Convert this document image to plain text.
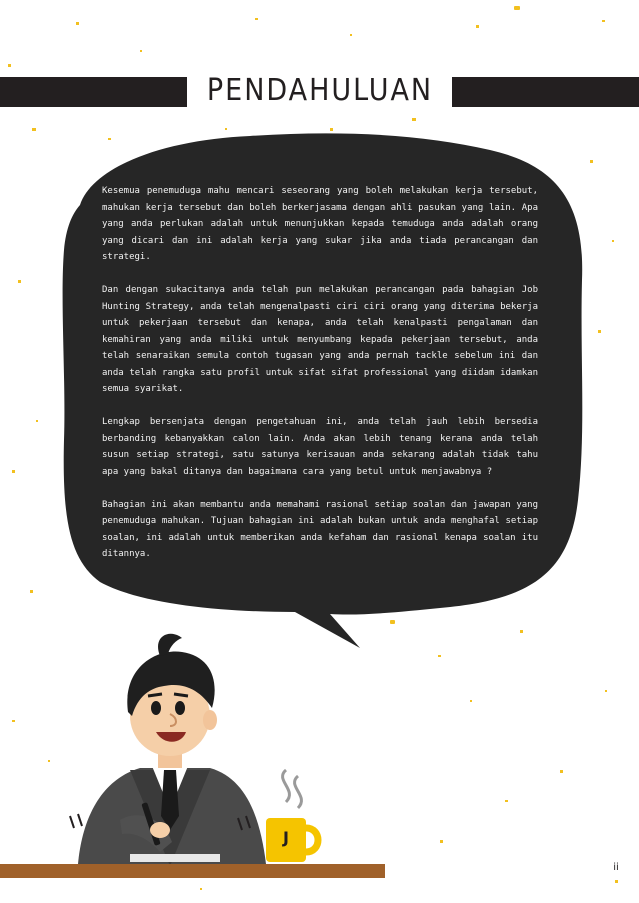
PENDAHULUAN

Kesemua penemuduga mahu mencari seseorang yang boleh melakukan kerja tersebut, mahukan kerja tersebut dan boleh berkerjasama dengan ahli pasukan yang lain. Apa yang anda perlukan adalah untuk menunjukkan kepada temuduga anda adalah orang yang dicari dan ini adalah kerja yang sukar jika anda tiada perancangan dan strategi.

Dan dengan sukacitanya anda telah pun melakukan perancangan pada bahagian Job Hunting Strategy, anda telah mengenalpasti ciri ciri orang yang diterima bekerja untuk pekerjaan tersebut dan kenapa, anda telah kenalpasti pengalaman dan kemahiran yang anda miliki untuk menyumbang kepada pekerjaan tersebut, anda telah senaraikan semula contoh tugasan yang anda pernah tackle sebelum ini dan anda telah rangka satu profil untuk sifat sifat professional yang diidam idamkan semua syarikat.

Lengkap bersenjata dengan pengetahuan ini, anda telah jauh lebih bersedia berbanding kebanyakkan calon lain. Anda akan lebih tenang kerana anda telah susun setiap strategi, satu satunya kerisauan anda sekarang adalah tidak tahu apa yang bakal ditanya dan bagaimana cara yang betul untuk menjawabnya ?

Bahagian ini akan membantu anda memahami rasional setiap soalan dan jawapan yang penemuduga mahukan. Tujuan bahagian ini adalah bukan untuk anda menghafal setiap soalan, ini adalah untuk memberikan anda kefaham dan rasional kenapa soalan itu ditannya.

J
ii
